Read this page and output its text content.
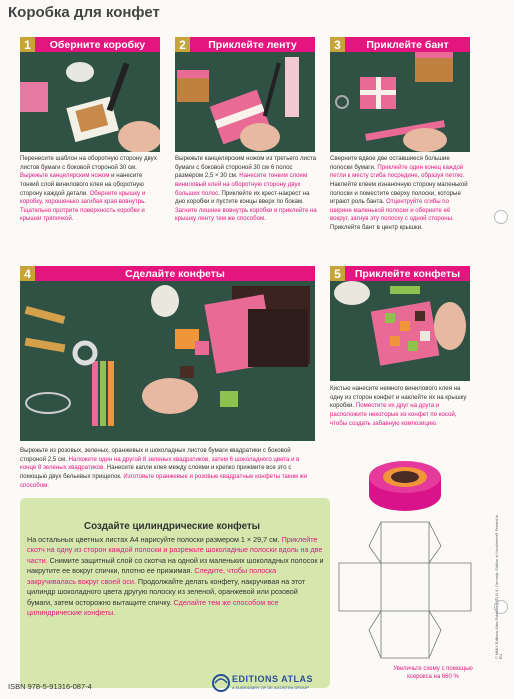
Коробка для конфет
1	Оберните коробку
Перенесите шаблон на оборотную сторону двух листов бумаги с боковой стороной 30 см. Вырежьте канцелярским ножом и нанесите тонкий слой винилового клея на оборотную сторону каждой детали. Оберните крышку и коробку, хорошенько загибая края вовнутрь. Тщательно протрите поверхность коробки и крышки тряпочкой.
2	Приклейте ленту
Вырежьте канцелярским ножом из третьего листа бумаги с боковой стороной 30 см 6 полос размером 2,5 × 30 см. Нанесите тонким слоем виниловый клей на оборотную сторону двух больших полос. Приклейте их крест-накрест на дно коробки и пустите концы вверх по бокам. Загните лишнее вовнутрь коробки и приклейте на крышку ленту тем же способом.
3	Приклейте бант
Сверните вдвое две оставшиеся большие полоски бумаги. Приклейте один конец каждой петли к месту сгиба посредине, образуя петлю. Наклейте клеем изнаночную сторону маленькой полоски и поместите сверху полоски, которые играют роль банта. Отцентруйте сгибы по ширине маленькой полоски и оберните её вокруг, загнув эту полоску с одной стороны. Приклейте бант в центр крышки.
4	Сделайте конфеты
Вырежьте из розовых, зеленых, оранжевых и шоколадных листов бумаги квадратики с боковой стороной 2,5 см. Наложите один на другой 8 зеленых квадратиков, затем 6 шоколадного цвета и в конце 8 зеленых квадратиков. Нанесите капли клея между слоями и крепко прижмите все это с помощью двух бельевых прищепок. Изготовьте оранжевые и розовые квадратные конфеты таким же способом.
5	Приклейте конфеты
Кистью нанесите немного винилового клея на одну из сторон конфет и наклейте их на крышку коробки. Поместите их друг на друга и расположите некоторые из конфет по косой, чтобы создать забавную композицию.
Создайте цилиндрические конфеты
На остальных цветных листах А4 нарисуйте полоски размером 1 × 29,7 см. Приклейте скотч на одну из сторон каждой полоски и разрежьте шоколадные полоски вдоль на две части. Снимите защитный слой со скотча на одной из маленьких шоколадных полосок и накрутите ее вокруг спички, плотно ее прижимая. Следите, чтобы полоска закручивалась вокруг своей оси. Продолжайте делать конфету, накручивая на этот цилиндр шоколадного цвета другую полоску из зеленой, оранжевой или розовой бумаги, затем осторожно вытащите спичку. Сделайте тем же способом все цилиндрические конфеты.	© MMIX Editions Atlas Publishing (Ё) B.V., Гастгеф: Edition of Hochlehrer® Printed in EU
ISBN 978-5-91316-087-4
EDITIONS ATLAS
A SUBSIDIARY OF DE AGOSTINI GROUP
Увеличьте схему с помощью ксерокса на 660 %
